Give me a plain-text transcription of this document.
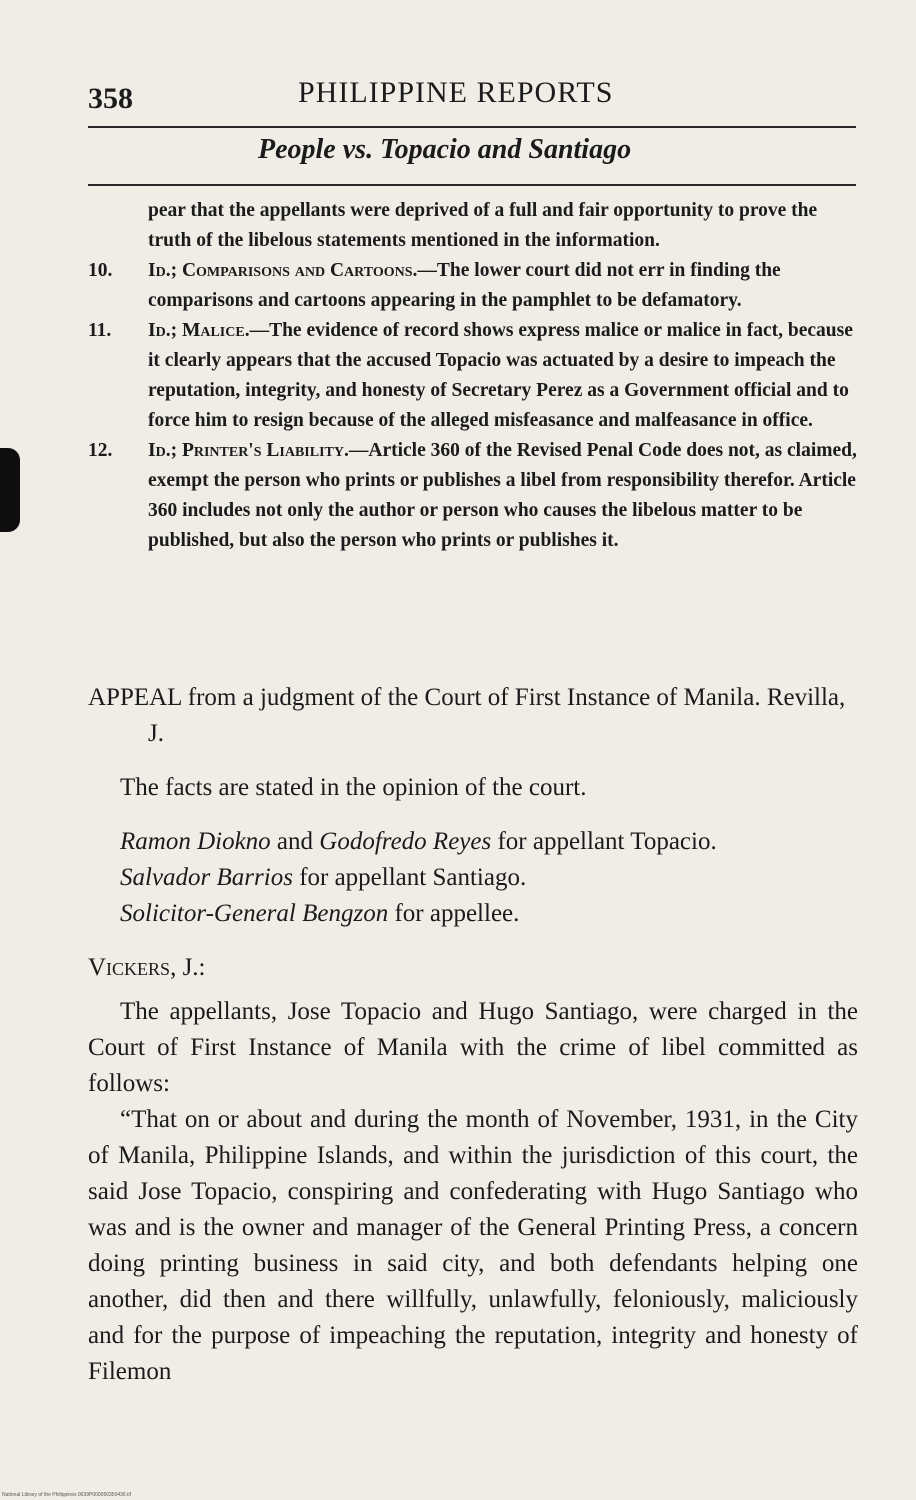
358	PHILIPPINE REPORTS
People vs. Topacio and Santiago
pear that the appellants were deprived of a full and fair opportunity to prove the truth of the libelous statements mentioned in the information.
10. Id.; Comparisons and Cartoons.—The lower court did not err in finding the comparisons and cartoons appearing in the pamphlet to be defamatory.
11. Id.; Malice.—The evidence of record shows express malice or malice in fact, because it clearly appears that the accused Topacio was actuated by a desire to impeach the reputation, integrity, and honesty of Secretary Perez as a Government official and to force him to resign because of the alleged misfeasance and malfeasance in office.
12. Id.; Printer's Liability.—Article 360 of the Revised Penal Code does not, as claimed, exempt the person who prints or publishes a libel from responsibility therefor. Article 360 includes not only the author or person who causes the libelous matter to be published, but also the person who prints or publishes it.

APPEAL from a judgment of the Court of First Instance of Manila. Revilla, J.

The facts are stated in the opinion of the court.

Ramon Diokno and Godofredo Reyes for appellant Topacio.

Salvador Barrios for appellant Santiago.

Solicitor-General Bengzon for appellee.

Vickers, J.:

The appellants, Jose Topacio and Hugo Santiago, were charged in the Court of First Instance of Manila with the crime of libel committed as follows:

“That on or about and during the month of November, 1931, in the City of Manila, Philippine Islands, and within the jurisdiction of this court, the said Jose Topacio, conspiring and confederating with Hugo Santiago who was and is the owner and manager of the General Printing Press, a concern doing printing business in said city, and both defendants helping one another, did then and there willfully, unlawfully, feloniously, maliciously and for the purpose of impeaching the reputation, integrity and honesty of Filemon

National Library of the Philippines 0039P000050350436.tif
